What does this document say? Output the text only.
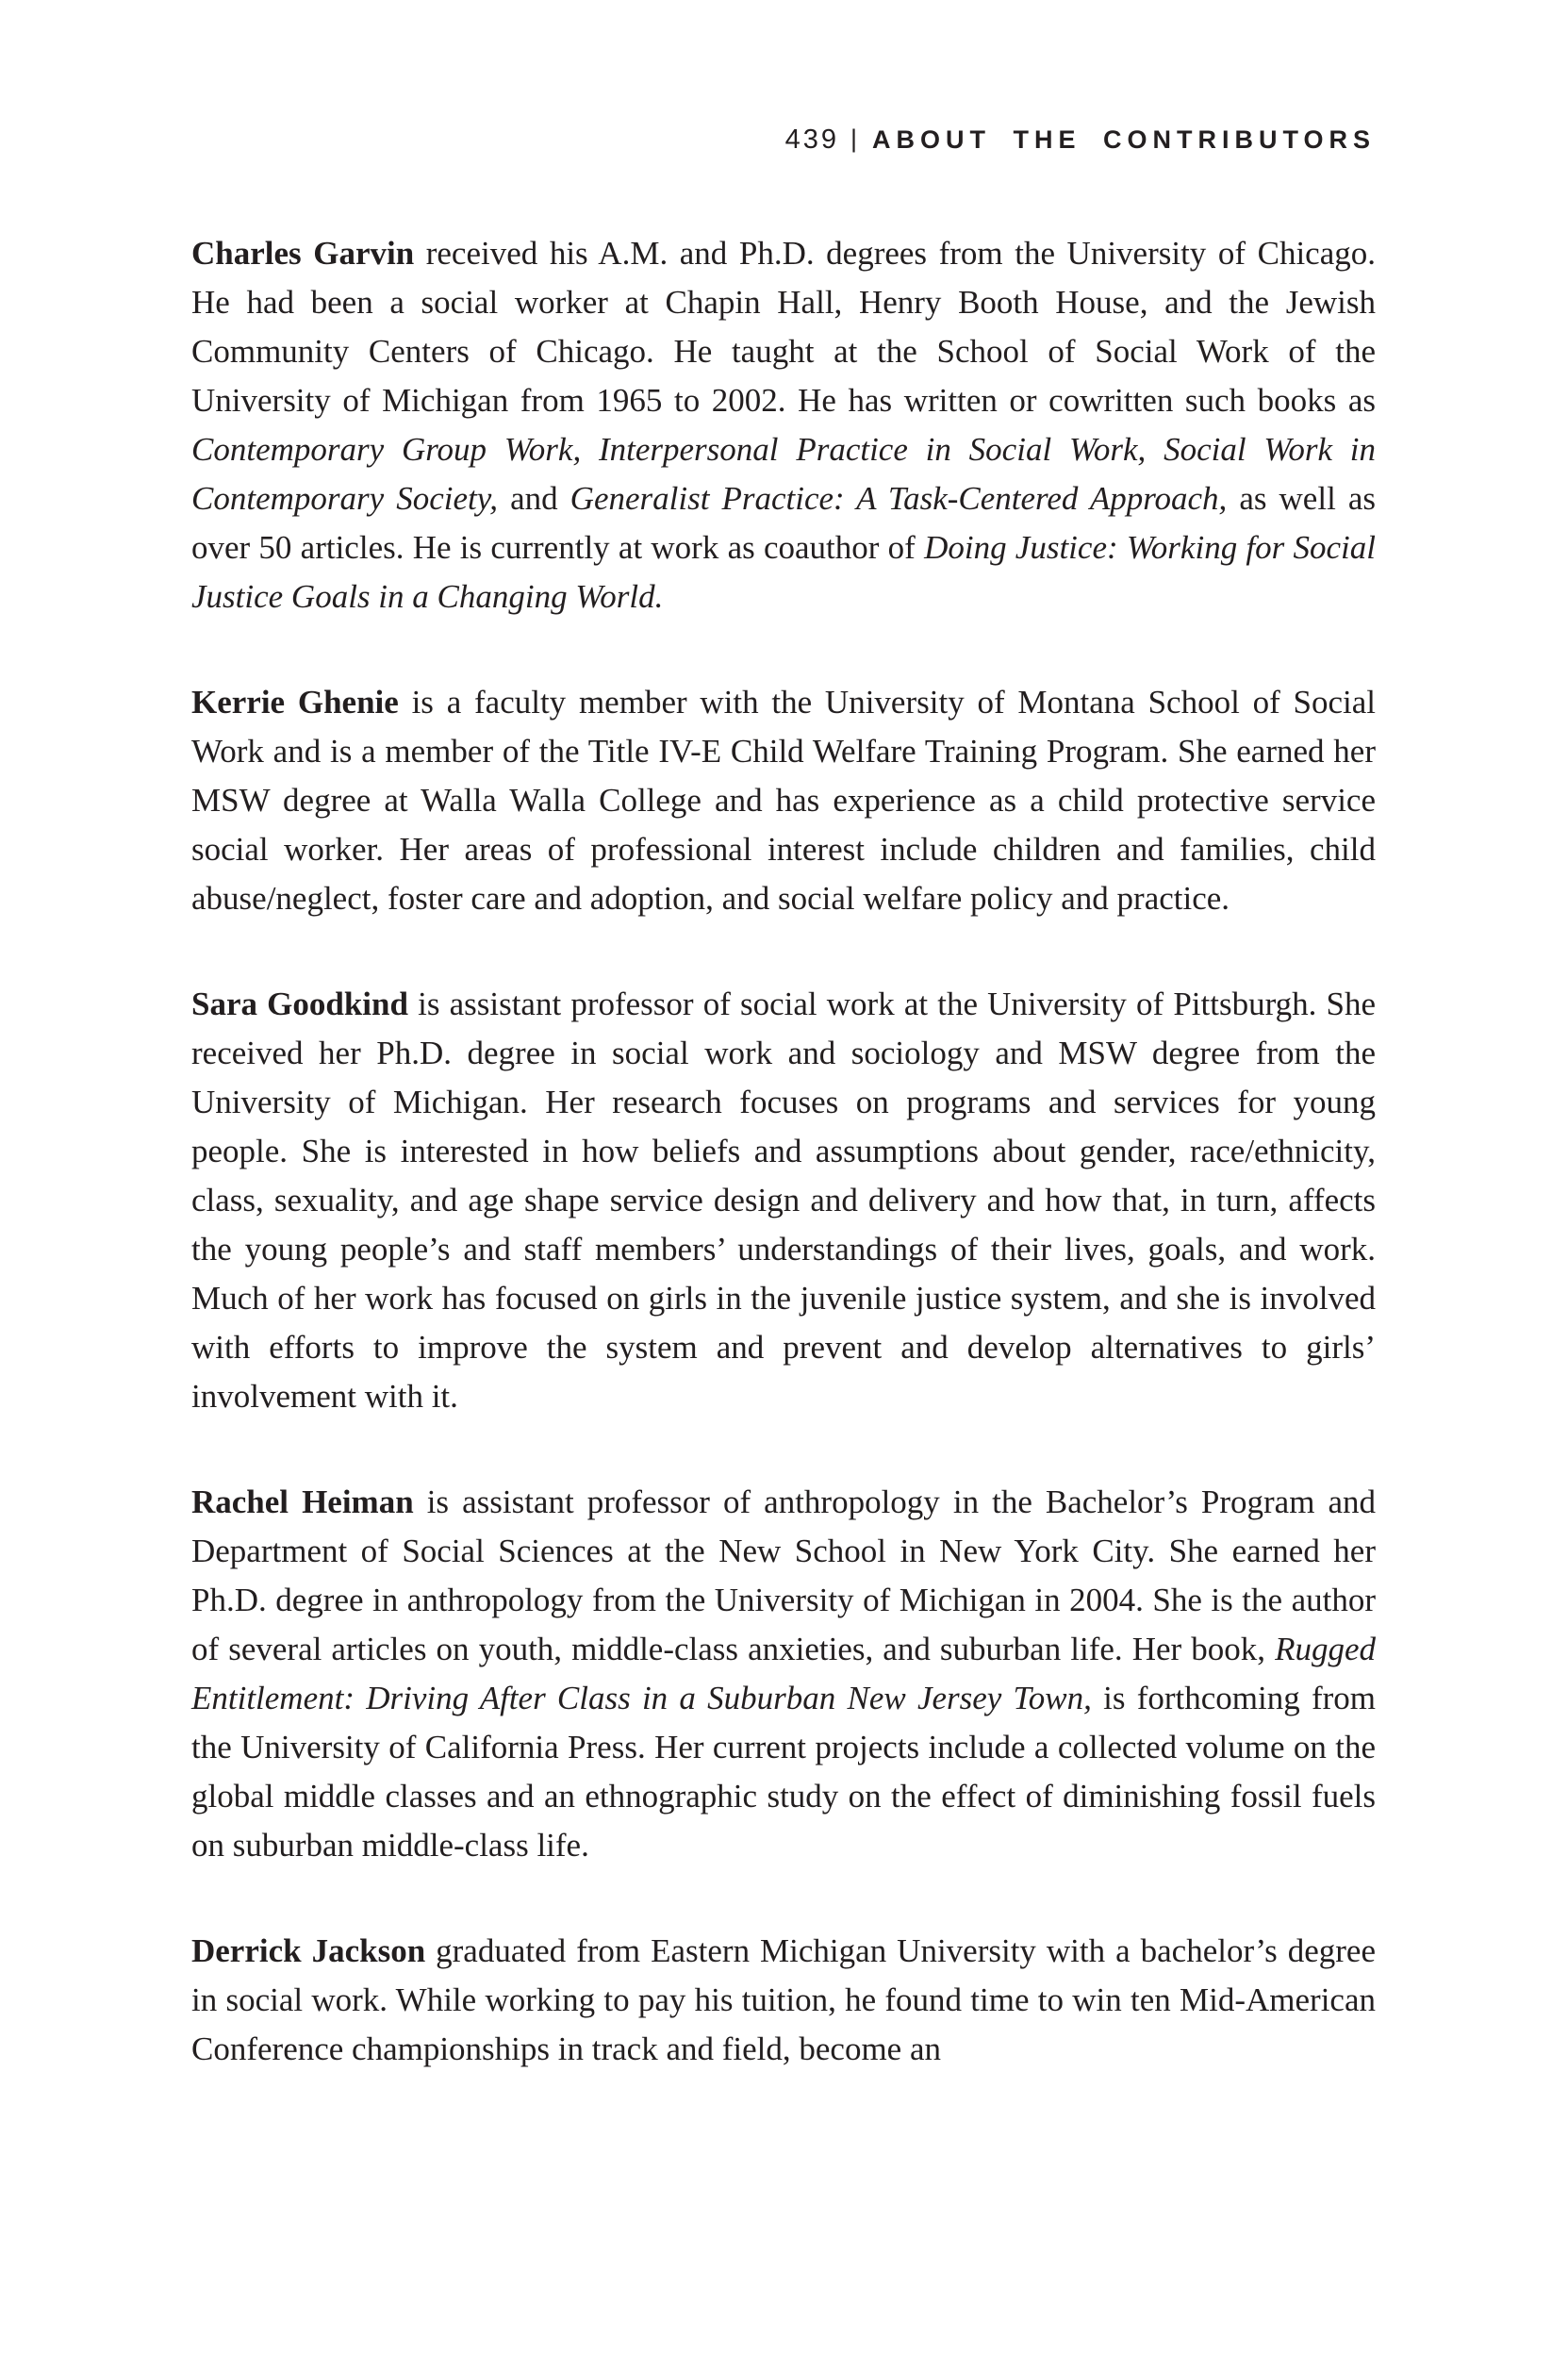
439 | ABOUT THE CONTRIBUTORS

Charles Garvin received his A.M. and Ph.D. degrees from the University of Chicago. He had been a social worker at Chapin Hall, Henry Booth House, and the Jewish Community Centers of Chicago. He taught at the School of Social Work of the University of Michigan from 1965 to 2002. He has written or cowritten such books as Contemporary Group Work, Interpersonal Practice in Social Work, Social Work in Contemporary Society, and Generalist Practice: A Task-Centered Approach, as well as over 50 articles. He is currently at work as coauthor of Doing Justice: Working for Social Justice Goals in a Changing World.

Kerrie Ghenie is a faculty member with the University of Montana School of Social Work and is a member of the Title IV-E Child Welfare Training Program. She earned her MSW degree at Walla Walla College and has experience as a child protective service social worker. Her areas of professional interest include children and families, child abuse/neglect, foster care and adoption, and social welfare policy and practice.

Sara Goodkind is assistant professor of social work at the University of Pittsburgh. She received her Ph.D. degree in social work and sociology and MSW degree from the University of Michigan. Her research focuses on programs and services for young people. She is interested in how beliefs and assumptions about gender, race/ethnicity, class, sexuality, and age shape service design and delivery and how that, in turn, affects the young people’s and staff members’ understandings of their lives, goals, and work. Much of her work has focused on girls in the juvenile justice system, and she is involved with efforts to improve the system and prevent and develop alternatives to girls’ involvement with it.

Rachel Heiman is assistant professor of anthropology in the Bachelor’s Program and Department of Social Sciences at the New School in New York City. She earned her Ph.D. degree in anthropology from the University of Michigan in 2004. She is the author of several articles on youth, middle-class anxieties, and suburban life. Her book, Rugged Entitlement: Driving After Class in a Suburban New Jersey Town, is forthcoming from the University of California Press. Her current projects include a collected volume on the global middle classes and an ethnographic study on the effect of diminishing fossil fuels on suburban middle-class life.

Derrick Jackson graduated from Eastern Michigan University with a bachelor’s degree in social work. While working to pay his tuition, he found time to win ten Mid-American Conference championships in track and field, become an
